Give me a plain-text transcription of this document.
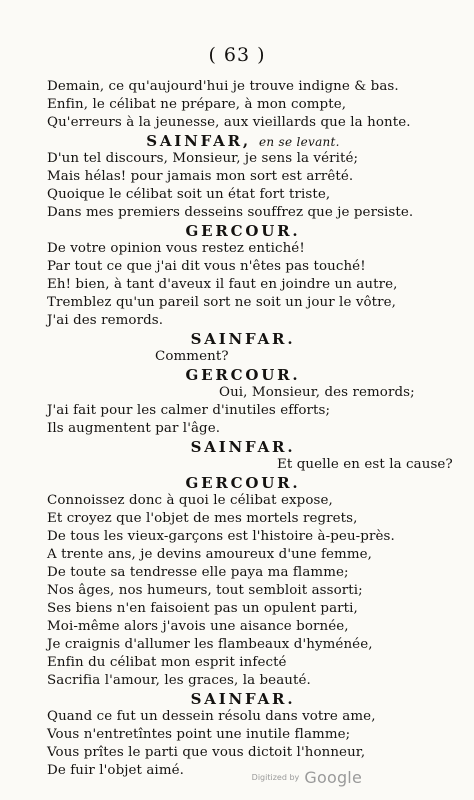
( 63 )
Demain, ce qu'aujourd'hui je trouve indigne & bas.
Enfin, le célibat ne prépare, à mon compte,
Qu'erreurs à la jeunesse, aux vieillards que la honte.
SAINFAR, en se levant.
D'un tel discours, Monsieur, je sens la vérité;
Mais hélas! pour jamais mon sort est arrêté.
Quoique le célibat soit un état fort triste,
Dans mes premiers desseins souffrez que je persiste.
GERCOUR.
De votre opinion vous restez entiché!
Par tout ce que j'ai dit vous n'êtes pas touché!
Eh! bien, à tant d'aveux il faut en joindre un autre,
Tremblez qu'un pareil sort ne soit un jour le vôtre,
J'ai des remords.
SAINFAR.
Comment?
GERCOUR.
Oui, Monsieur, des remords;
J'ai fait pour les calmer d'inutiles efforts;
Ils augmentent par l'âge.
SAINFAR.
Et quelle en est la cause?
GERCOUR.
Connoissez donc à quoi le célibat expose,
Et croyez que l'objet de mes mortels regrets,
De tous les vieux-garçons est l'histoire à-peu-près.
A trente ans, je devins amoureux d'une femme,
De toute sa tendresse elle paya ma flamme;
Nos âges, nos humeurs, tout sembloit assorti;
Ses biens n'en faisoient pas un opulent parti,
Moi-même alors j'avois une aisance bornée,
Je craignis d'allumer les flambeaux d'hyménée,
Enfin du célibat mon esprit infecté
Sacrifia l'amour, les graces, la beauté.
SAINFAR.
Quand ce fut un dessein résolu dans votre ame,
Vous n'entretîntes point une inutile flamme;
Vous prîtes le parti que vous dictoit l'honneur,
De fuir l'objet aimé.	Digitized by Google
